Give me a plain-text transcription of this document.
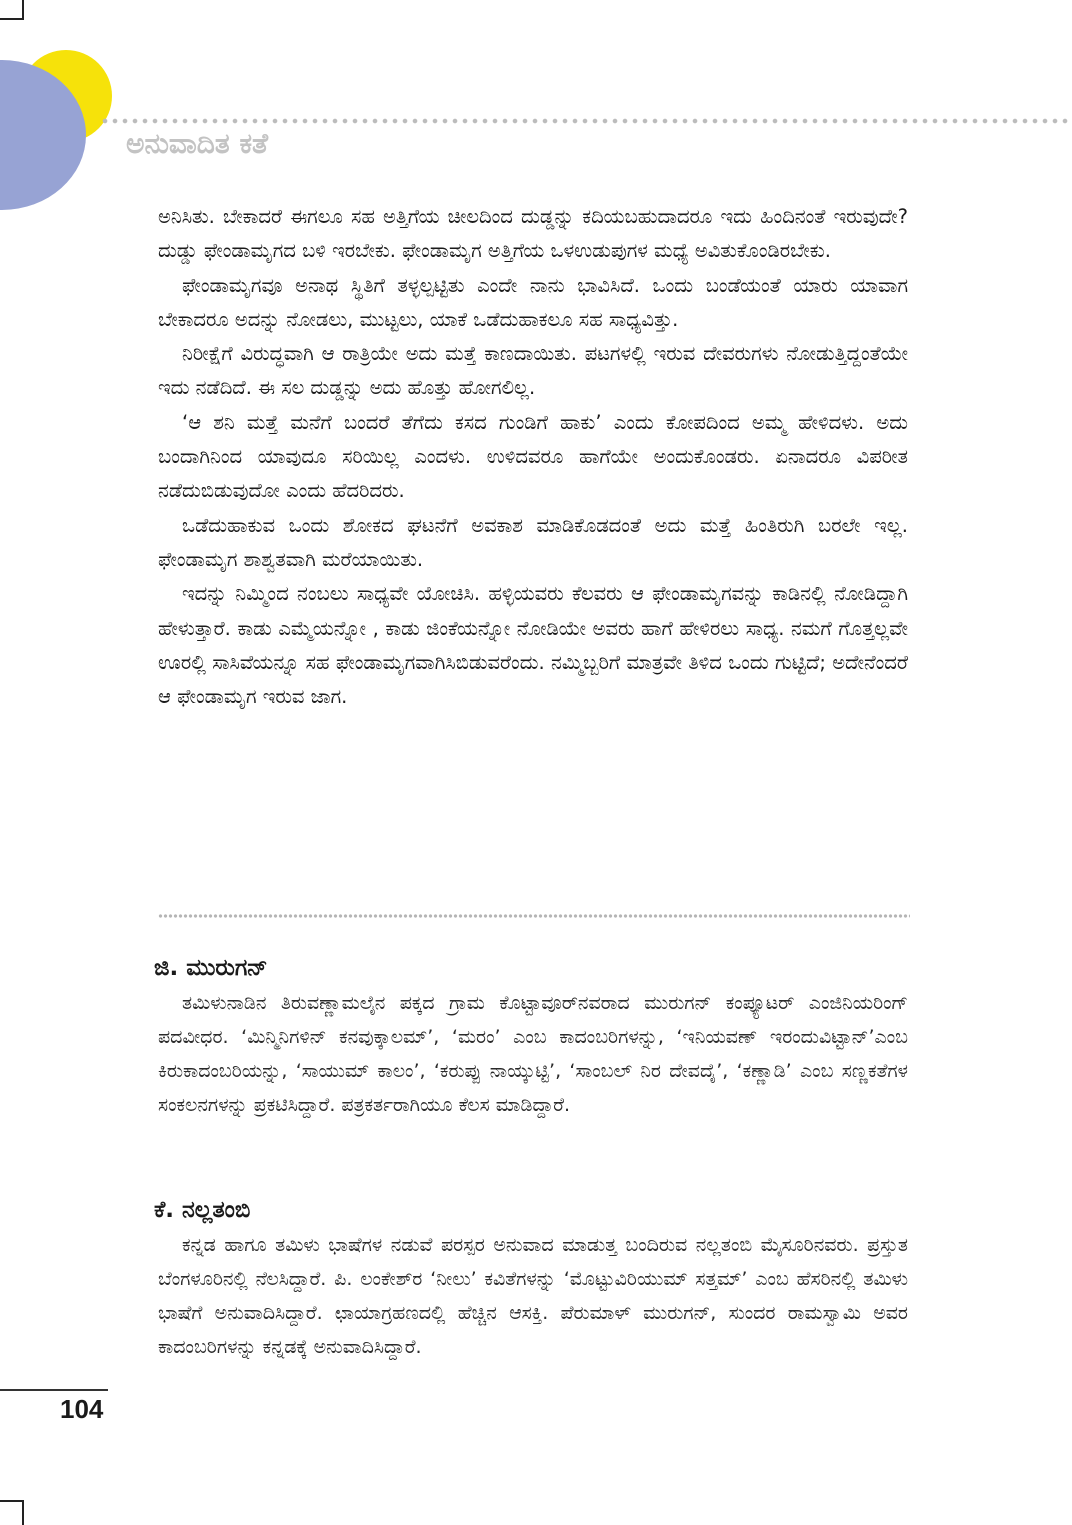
ಅನುವಾದಿತ ಕತೆ

ಅನಿಸಿತು. ಬೇಕಾದರೆ ಈಗಲೂ ಸಹ ಅತ್ತಿಗೆಯ ಚೀಲದಿಂದ ದುಡ್ಡನ್ನು ಕದಿಯಬಹುದಾದರೂ ಇದು ಹಿಂದಿನಂತೆ ಇರುವುದೇ? ದುಡ್ಡು ಫೇಂಡಾಮೃಗದ ಬಳಿ ಇರಬೇಕು. ಫೇಂಡಾಮೃಗ ಅತ್ತಿಗೆಯ ಒಳಉಡುಪುಗಳ ಮಧ್ಯೆ ಅವಿತುಕೊಂಡಿರಬೇಕು.

ಫೇಂಡಾಮೃಗವೂ ಅನಾಥ ಸ್ಥಿತಿಗೆ ತಳ್ಳಲ್ಪಟ್ಟಿತು ಎಂದೇ ನಾನು ಭಾವಿಸಿದೆ. ಒಂದು ಬಂಡೆಯಂತೆ ಯಾರು ಯಾವಾಗ ಬೇಕಾದರೂ ಅದನ್ನು ನೋಡಲು, ಮುಟ್ಟಲು, ಯಾಕೆ ಒಡೆದುಹಾಕಲೂ ಸಹ ಸಾಧ್ಯವಿತ್ತು.

ನಿರೀಕ್ಷೆಗೆ ವಿರುದ್ಧವಾಗಿ ಆ ರಾತ್ರಿಯೇ ಅದು ಮತ್ತೆ ಕಾಣದಾಯಿತು. ಪಟಗಳಲ್ಲಿ ಇರುವ ದೇವರುಗಳು ನೋಡುತ್ತಿದ್ದಂತೆಯೇ ಇದು ನಡೆದಿದೆ. ಈ ಸಲ ದುಡ್ಡನ್ನು ಅದು ಹೊತ್ತು ಹೋಗಲಿಲ್ಲ.

‘ಆ ಶನಿ ಮತ್ತೆ ಮನೆಗೆ ಬಂದರೆ ತೆಗೆದು ಕಸದ ಗುಂಡಿಗೆ ಹಾಕು’ ಎಂದು ಕೋಪದಿಂದ ಅಮ್ಮ ಹೇಳಿದಳು. ಅದು ಬಂದಾಗಿನಿಂದ ಯಾವುದೂ ಸರಿಯಿಲ್ಲ ಎಂದಳು. ಉಳಿದವರೂ ಹಾಗೆಯೇ ಅಂದುಕೊಂಡರು. ಏನಾದರೂ ವಿಪರೀತ ನಡೆದುಬಿಡುವುದೋ ಎಂದು ಹೆದರಿದರು.

ಒಡೆದುಹಾಕುವ ಒಂದು ಶೋಕದ ಘಟನೆಗೆ ಅವಕಾಶ ಮಾಡಿಕೊಡದಂತೆ ಅದು ಮತ್ತೆ ಹಿಂತಿರುಗಿ ಬರಲೇ ಇಲ್ಲ. ಫೇಂಡಾಮೃಗ ಶಾಶ್ವತವಾಗಿ ಮರೆಯಾಯಿತು.

ಇದನ್ನು ನಿಮ್ಮಿಂದ ನಂಬಲು ಸಾಧ್ಯವೇ ಯೋಚಿಸಿ. ಹಳ್ಳಿಯವರು ಕೆಲವರು ಆ ಫೇಂಡಾಮೃಗವನ್ನು ಕಾಡಿನಲ್ಲಿ ನೋಡಿದ್ದಾಗಿ ಹೇಳುತ್ತಾರೆ. ಕಾಡು ಎಮ್ಮೆಯನ್ನೋ , ಕಾಡು ಜಿಂಕೆಯನ್ನೋ ನೋಡಿಯೇ ಅವರು ಹಾಗೆ ಹೇಳಿರಲು ಸಾಧ್ಯ. ನಮಗೆ ಗೊತ್ತಲ್ಲವೇ ಊರಲ್ಲಿ ಸಾಸಿವೆಯನ್ನೂ ಸಹ ಫೇಂಡಾಮೃಗವಾಗಿಸಿಬಿಡುವರೆಂದು. ನಮ್ಮಿಬ್ಬರಿಗೆ ಮಾತ್ರವೇ ತಿಳಿದ ಒಂದು ಗುಟ್ಟಿದೆ; ಅದೇನೆಂದರೆ ಆ ಫೇಂಡಾಮೃಗ ಇರುವ ಜಾಗ.

ಜಿ. ಮುರುಗನ್

ತಮಿಳುನಾಡಿನ ತಿರುವಣ್ಣಾಮಲೈನ ಪಕ್ಕದ ಗ್ರಾಮ ಕೊಟ್ಟಾವೂರ್‌ನವರಾದ ಮುರುಗನ್ ಕಂಪ್ಯೂಟರ್ ಎಂಜಿನಿಯರಿಂಗ್ ಪದವೀಧರ. ‘ಮಿನ್ಮಿನಿಗಳಿನ್ ಕನವುಕ್ಕಾಲಮ್’, ‘ಮರಂ’ ಎಂಬ ಕಾದಂಬರಿಗಳನ್ನು, ‘ಇನಿಯವಣ್ ಇರಂದುವಿಟ್ಟಾನ್’ಎಂಬ ಕಿರುಕಾದಂಬರಿಯನ್ನು, ‘ಸಾಯುಮ್ ಕಾಲಂ’, ‘ಕರುಪ್ಪು ನಾಯ್ಕುಟ್ಟಿ’, ‘ಸಾಂಬಲ್ ನಿರ ದೇವದೈ’, ‘ಕಣ್ಣಾಡಿ’ ಎಂಬ ಸಣ್ಣಕತೆಗಳ ಸಂಕಲನಗಳನ್ನು ಪ್ರಕಟಿಸಿದ್ದಾರೆ. ಪತ್ರಕರ್ತರಾಗಿಯೂ ಕೆಲಸ ಮಾಡಿದ್ದಾರೆ.

ಕೆ. ನಲ್ಲತಂಬಿ

ಕನ್ನಡ ಹಾಗೂ ತಮಿಳು ಭಾಷೆಗಳ ನಡುವೆ ಪರಸ್ಪರ ಅನುವಾದ ಮಾಡುತ್ತ ಬಂದಿರುವ ನಲ್ಲತಂಬಿ ಮೈಸೂರಿನವರು. ಪ್ರಸ್ತುತ ಬೆಂಗಳೂರಿನಲ್ಲಿ ನೆಲಸಿದ್ದಾರೆ. ಪಿ. ಲಂಕೇಶ್‌ರ ‘ನೀಲು’ ಕವಿತೆಗಳನ್ನು ‘ಮೊಟ್ಟುವಿರಿಯುಮ್ ಸತ್ತಮ್’ ಎಂಬ ಹೆಸರಿನಲ್ಲಿ ತಮಿಳು ಭಾಷೆಗೆ ಅನುವಾದಿಸಿದ್ದಾರೆ. ಛಾಯಾಗ್ರಹಣದಲ್ಲಿ ಹೆಚ್ಚಿನ ಆಸಕ್ತಿ. ಪೆರುಮಾಳ್ ಮುರುಗನ್, ಸುಂದರ ರಾಮಸ್ವಾಮಿ ಅವರ ಕಾದಂಬರಿಗಳನ್ನು ಕನ್ನಡಕ್ಕೆ ಅನುವಾದಿಸಿದ್ದಾರೆ.

104
